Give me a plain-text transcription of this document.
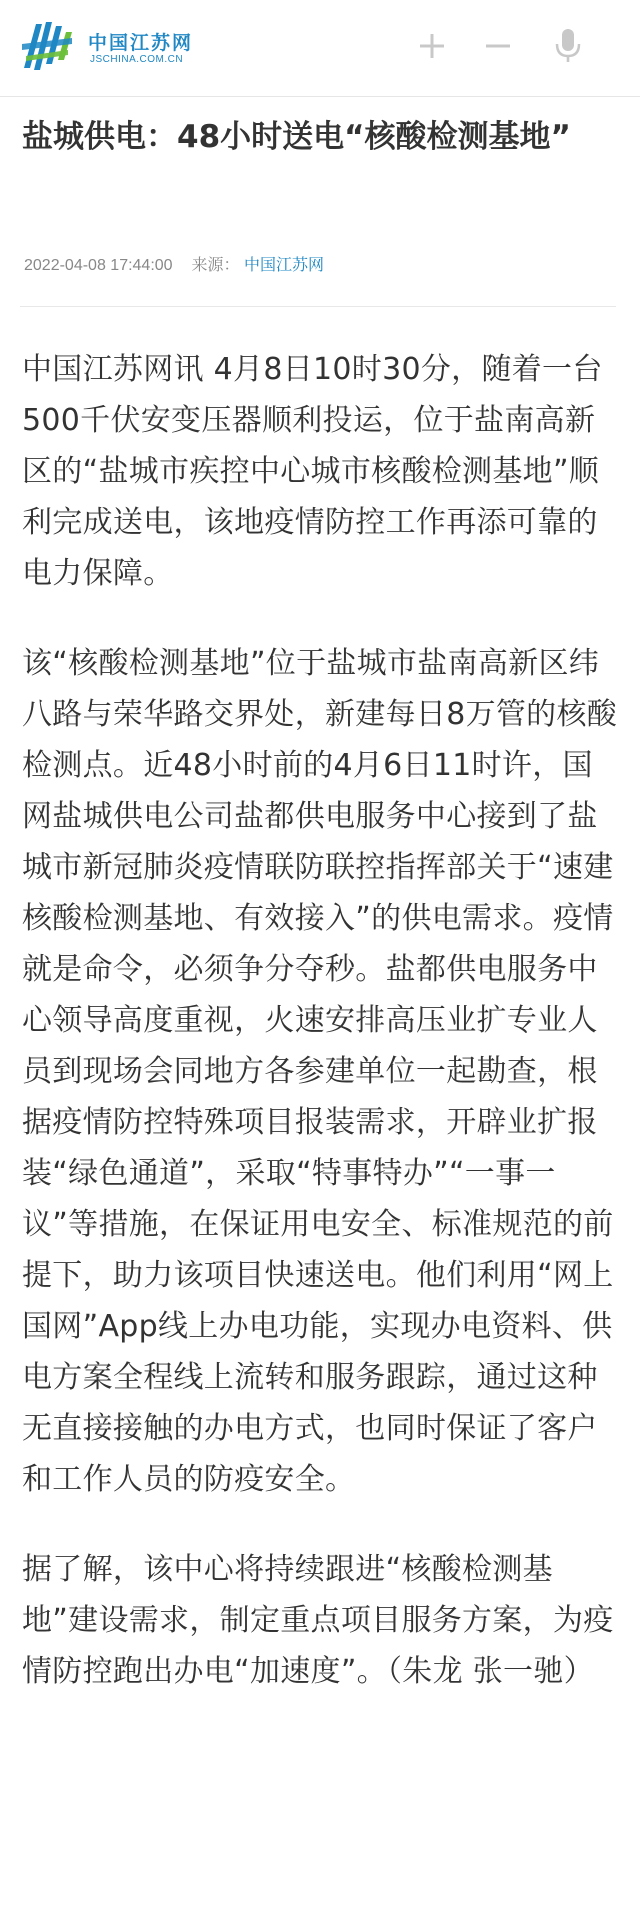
中国江苏网
JSCHINA.COM.CN
盐城供电：48小时送电“核酸检测基地”
2022-04-08 17:44:00 来源： 中国江苏网

中国江苏网讯 4月8日10时30分，随着一台500千伏安变压器顺利投运，位于盐南高新区的“盐城市疾控中心城市核酸检测基地”顺利完成送电，该地疫情防控工作再添可靠的电力保障。

该“核酸检测基地”位于盐城市盐南高新区纬八路与荣华路交界处，新建每日8万管的核酸检测点。近48小时前的4月6日11时许，国网盐城供电公司盐都供电服务中心接到了盐城市新冠肺炎疫情联防联控指挥部关于“速建核酸检测基地、有效接入”的供电需求。疫情就是命令，必须争分夺秒。盐都供电服务中心领导高度重视，火速安排高压业扩专业人员到现场会同地方各参建单位一起勘查，根据疫情防控特殊项目报装需求，开辟业扩报装“绿色通道”，采取“特事特办”“一事一议”等措施，在保证用电安全、标准规范的前提下，助力该项目快速送电。他们利用“网上国网”App线上办电功能，实现办电资料、供电方案全程线上流转和服务跟踪，通过这种无直接接触的办电方式，也同时保证了客户和工作人员的防疫安全。

据了解，该中心将持续跟进“核酸检测基地”建设需求，制定重点项目服务方案，为疫情防控跑出办电“加速度”。（朱龙 张一驰）
